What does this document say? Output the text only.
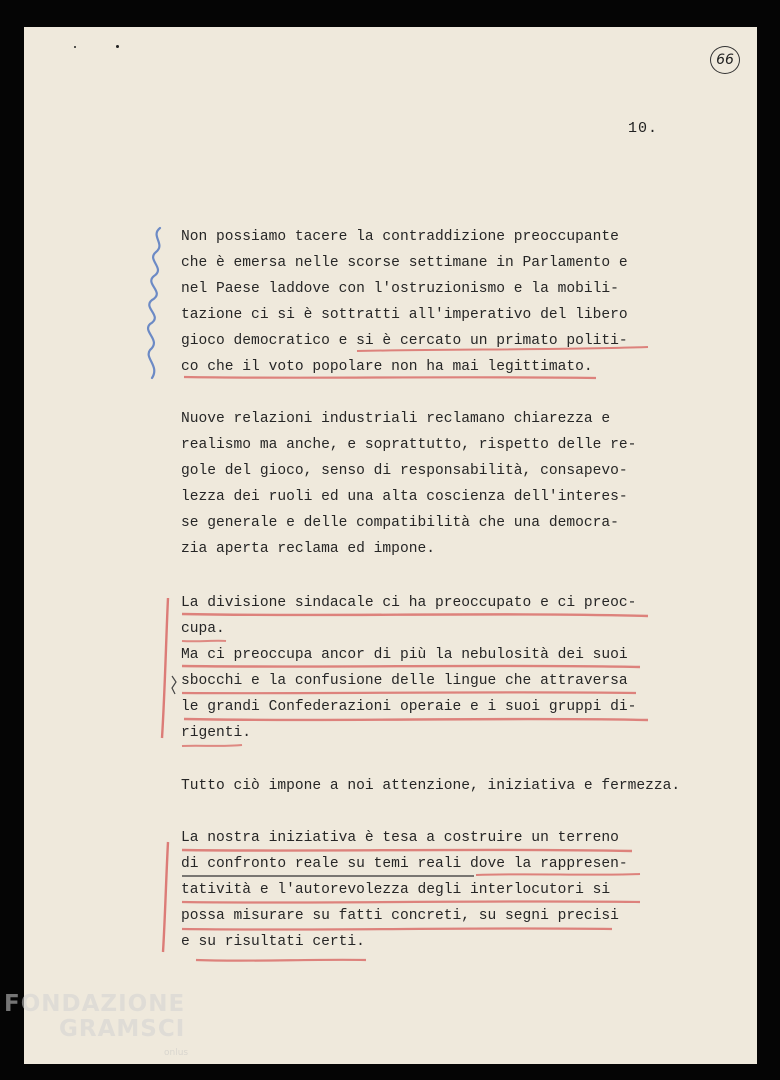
66
10.
Non possiamo tacere la contraddizione preoccupante
che è emersa nelle scorse settimane in Parlamento e
nel Paese laddove con l'ostruzionismo e la mobili-
tazione ci si è sottratti all'imperativo del libero
gioco democratico e si è cercato un primato politi-
co che il voto popolare non ha mai legittimato.
Nuove relazioni industriali reclamano chiarezza e
realismo ma anche, e soprattutto, rispetto delle re-
gole del gioco, senso di responsabilità, consapevo-
lezza dei ruoli ed una alta coscienza dell'interes-
se generale e delle compatibilità che una democra-
zia aperta reclama ed impone.
La divisione sindacale ci ha preoccupato e ci preoc-
cupa.
Ma ci preoccupa ancor di più la nebulosità dei suoi
sbocchi e la confusione delle lingue che attraversa
le grandi Confederazioni operaie e i suoi gruppi di-
rigenti.
Tutto ciò impone a noi attenzione, iniziativa e fermezza.
La nostra iniziativa è tesa a costruire un terreno
di confronto reale su temi reali dove la rappresen-
tatività e l'autorevolezza degli interlocutori si
possa misurare su fatti concreti, su segni precisi
e su risultati certi.
FONDAZIONE
GRAMSCI
onlus
